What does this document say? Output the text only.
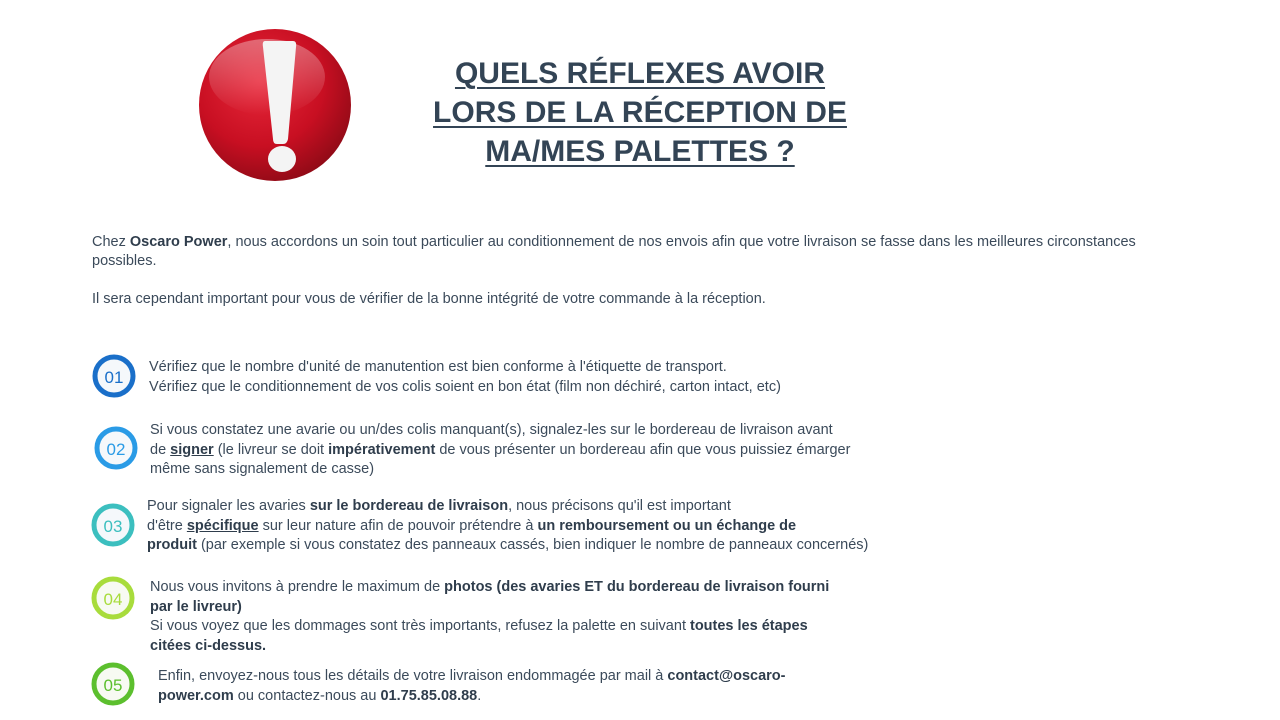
QUELS RÉFLEXES AVOIR
LORS DE LA RÉCEPTION DE
MA/MES PALETTES ?

Chez Oscaro Power, nous accordons un soin tout particulier au conditionnement de nos envois afin que votre livraison se fasse dans les meilleures circonstances possibles.

Il sera cependant important pour vous de vérifier de la bonne intégrité de votre commande à la réception.

01
Vérifiez que le nombre d'unité de manutention est bien conforme à l'étiquette de transport.
Vérifiez que le conditionnement de vos colis soient en bon état (film non déchiré, carton intact, etc)
02
Si vous constatez une avarie ou un/des colis manquant(s), signalez-les sur le bordereau de livraison avant
de signer (le livreur se doit impérativement de vous présenter un bordereau afin que vous puissiez émarger
même sans signalement de casse)
03
Pour signaler les avaries sur le bordereau de livraison, nous précisons qu'il est important
d'être spécifique sur leur nature afin de pouvoir prétendre à un remboursement ou un échange de
produit (par exemple si vous constatez des panneaux cassés, bien indiquer le nombre de panneaux concernés)
04
Nous vous invitons à prendre le maximum de photos (des avaries ET du bordereau de livraison fourni
par le livreur)
Si vous voyez que les dommages sont très importants, refusez la palette en suivant toutes les étapes
citées ci-dessus.
05 Enfin, envoyez-nous tous les détails de votre livraison endommagée par mail à contact@oscaro-
power.com ou contactez-nous au 01.75.85.08.88.
